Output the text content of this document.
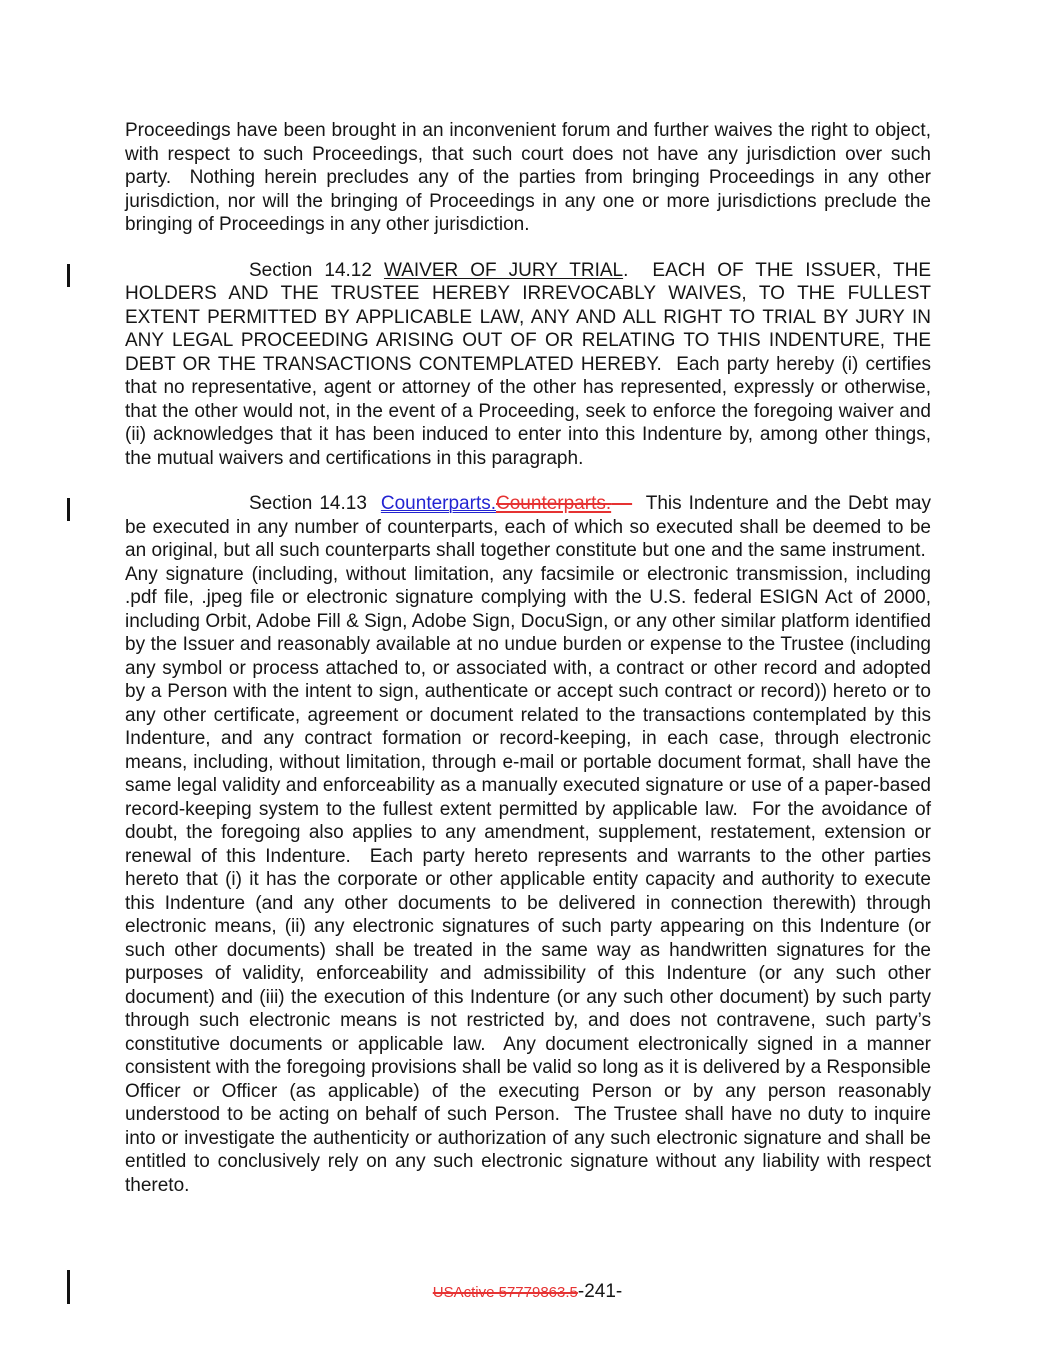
Proceedings have been brought in an inconvenient forum and further waives the right to object, with respect to such Proceedings, that such court does not have any jurisdiction over such party.  Nothing herein precludes any of the parties from bringing Proceedings in any other jurisdiction, nor will the bringing of Proceedings in any one or more jurisdictions preclude the bringing of Proceedings in any other jurisdiction.

Section 14.12 WAIVER OF JURY TRIAL.  EACH OF THE ISSUER, THE HOLDERS AND THE TRUSTEE HEREBY IRREVOCABLY WAIVES, TO THE FULLEST EXTENT PERMITTED BY APPLICABLE LAW, ANY AND ALL RIGHT TO TRIAL BY JURY IN ANY LEGAL PROCEEDING ARISING OUT OF OR RELATING TO THIS INDENTURE, THE DEBT OR THE TRANSACTIONS CONTEMPLATED HEREBY.  Each party hereby (i) certifies that no representative, agent or attorney of the other has represented, expressly or otherwise, that the other would not, in the event of a Proceeding, seek to enforce the foregoing waiver and (ii) acknowledges that it has been induced to enter into this Indenture by, among other things, the mutual waivers and certifications in this paragraph.

Section 14.13  Counterparts.Counterparts.     This Indenture and the Debt may be executed in any number of counterparts, each of which so executed shall be deemed to be an original, but all such counterparts shall together constitute but one and the same instrument.  Any signature (including, without limitation, any facsimile or electronic transmission, including .pdf file, .jpeg file or electronic signature complying with the U.S. federal ESIGN Act of 2000, including Orbit, Adobe Fill & Sign, Adobe Sign, DocuSign, or any other similar platform identified by the Issuer and reasonably available at no undue burden or expense to the Trustee (including any symbol or process attached to, or associated with, a contract or other record and adopted by a Person with the intent to sign, authenticate or accept such contract or record)) hereto or to any other certificate, agreement or document related to the transactions contemplated by this Indenture, and any contract formation or record-keeping, in each case, through electronic means, including, without limitation, through e-mail or portable document format, shall have the same legal validity and enforceability as a manually executed signature or use of a paper-based record-keeping system to the fullest extent permitted by applicable law.  For the avoidance of doubt, the foregoing also applies to any amendment, supplement, restatement, extension or renewal of this Indenture.  Each party hereto represents and warrants to the other parties hereto that (i) it has the corporate or other applicable entity capacity and authority to execute this Indenture (and any other documents to be delivered in connection therewith) through electronic means, (ii) any electronic signatures of such party appearing on this Indenture (or such other documents) shall be treated in the same way as handwritten signatures for the purposes of validity, enforceability and admissibility of this Indenture (or any such other document) and (iii) the execution of this Indenture (or any such other document) by such party through such electronic means is not restricted by, and does not contravene, such party’s constitutive documents or applicable law.  Any document electronically signed in a manner consistent with the foregoing provisions shall be valid so long as it is delivered by a Responsible Officer or Officer (as applicable) of the executing Person or by any person reasonably understood to be acting on behalf of such Person.  The Trustee shall have no duty to inquire into or investigate the authenticity or authorization of any such electronic signature and shall be entitled to conclusively rely on any such electronic signature without any liability with respect thereto.

USActive 57779863.5-241-
